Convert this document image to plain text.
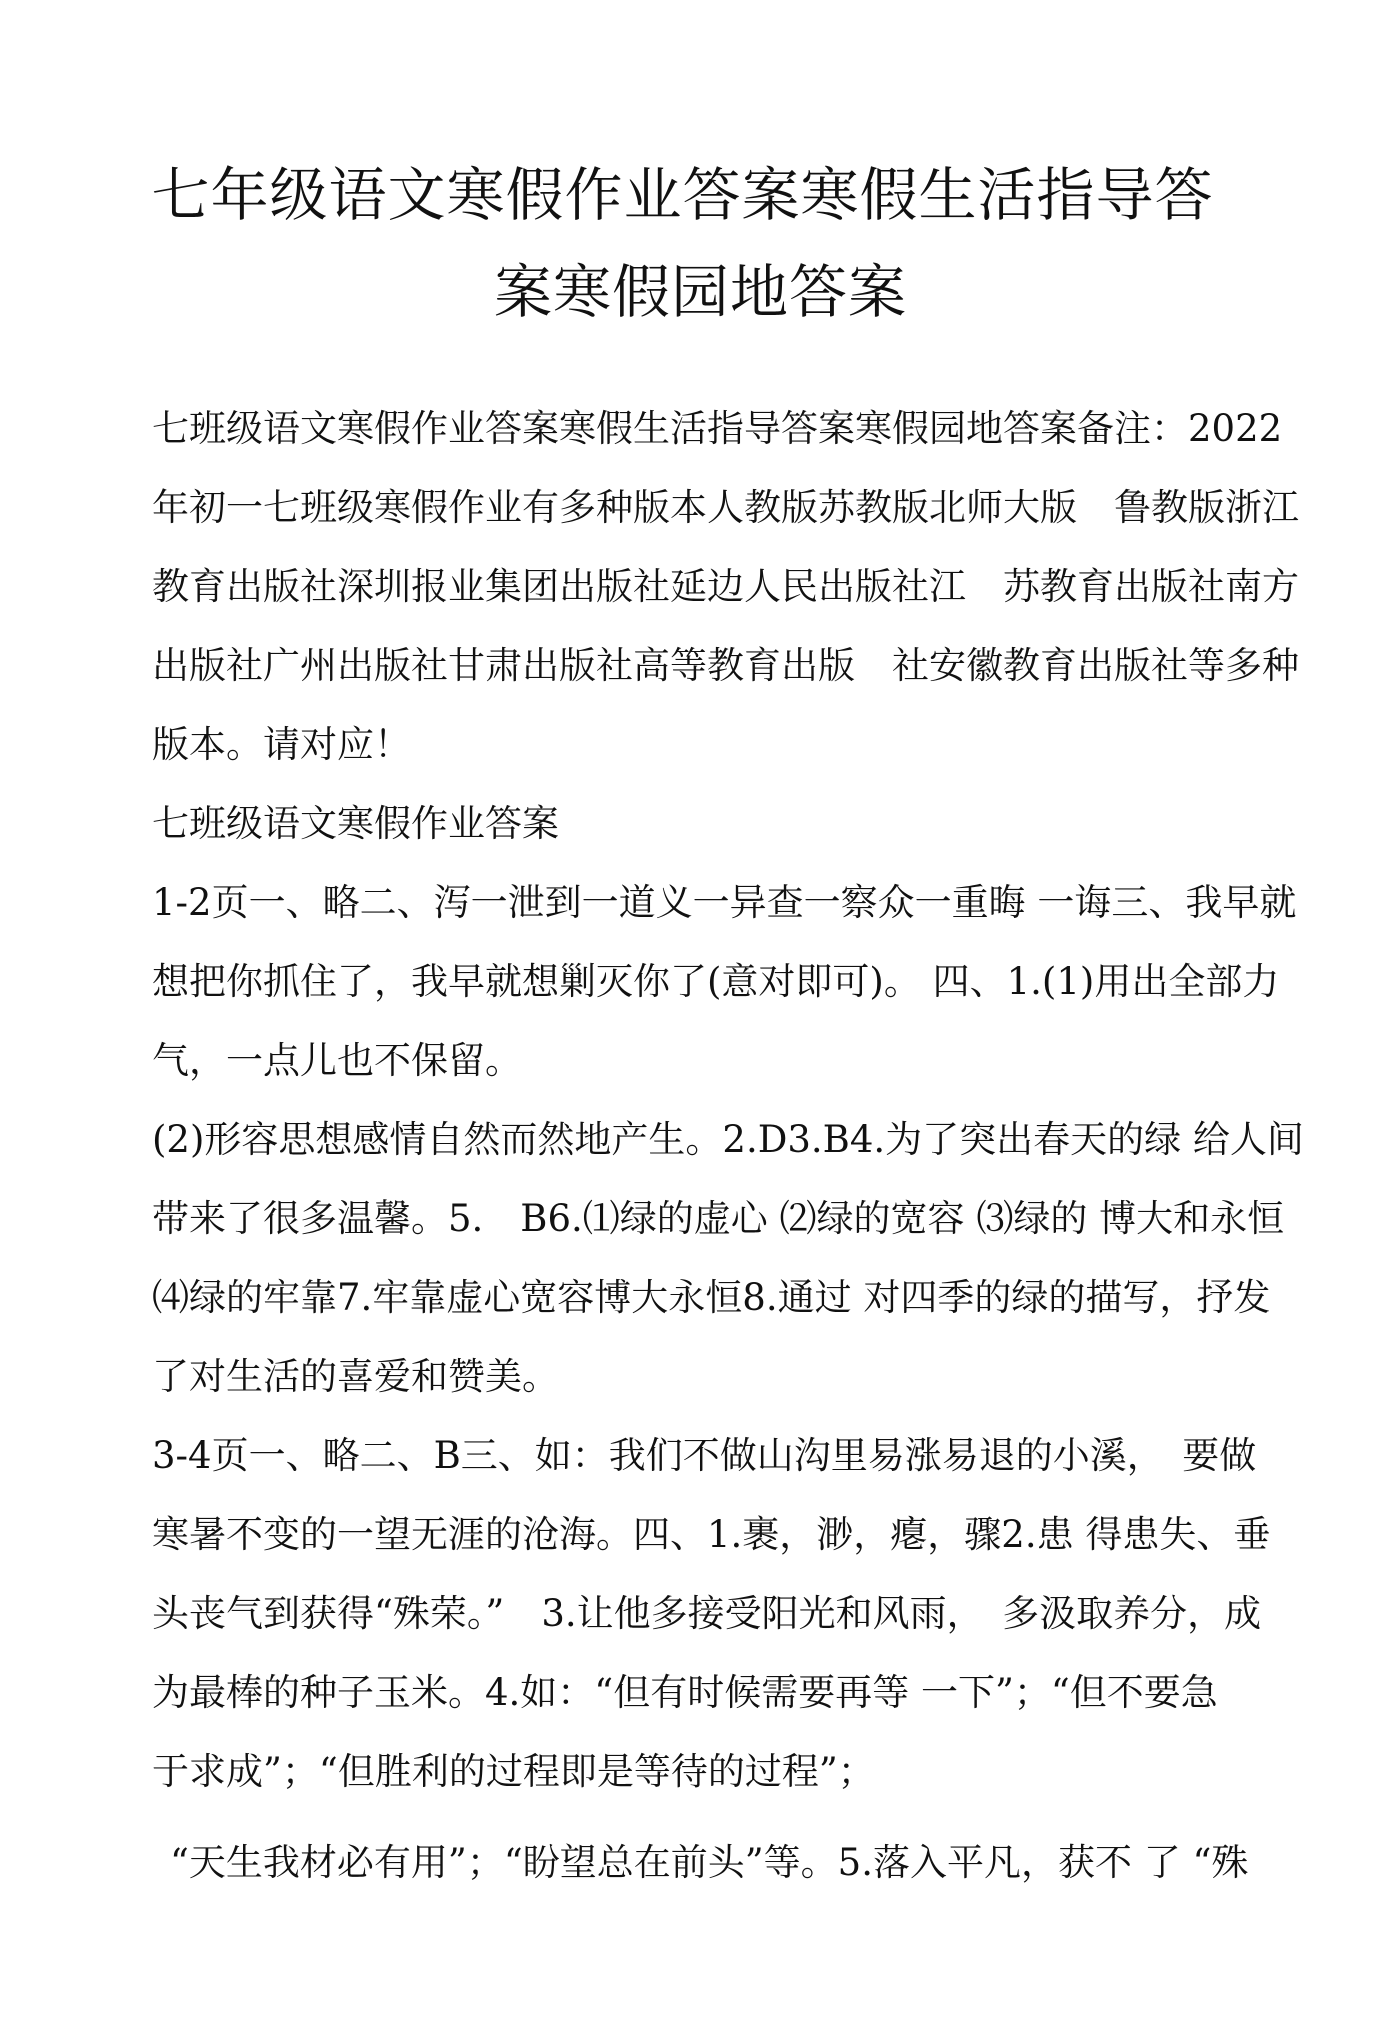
七年级语文寒假作业答案寒假生活指导答
案寒假园地答案
七班级语文寒假作业答案寒假生活指导答案寒假园地答案备注：2022
年初一七班级寒假作业有多种版本人教版苏教版北师大版　鲁教版浙江
教育出版社深圳报业集团出版社延边人民出版社江　苏教育出版社南方
出版社广州出版社甘肃出版社高等教育出版　社安徽教育出版社等多种
版本。请对应！
七班级语文寒假作业答案
1-2页一、略二、泻一泄到一道义一异查一察众一重晦 一诲三、我早就
想把你抓住了，我早就想剿灭你了(意对即可)。 四、1.(1)用出全部力
气，一点儿也不保留。
(2)形容思想感情自然而然地产生。2.D3.B4.为了突出春天的绿 给人间
带来了很多温馨。5.　B6.⑴绿的虚心 ⑵绿的宽容 ⑶绿的 博大和永恒
⑷绿的牢靠7.牢靠虚心宽容博大永恒8.通过 对四季的绿的描写，抒发
了对生活的喜爱和赞美。
3-4页一、略二、B三、如：我们不做山沟里易涨易退的小溪，　要做
寒暑不变的一望无涯的沧海。四、1.裹，渺，瘪，骤2.患 得患失、垂
头丧气到获得“殊荣。”　3.让他多接受阳光和风雨，　多汲取养分，成
为最棒的种子玉米。4.如：“但有时候需要再等 一下”；“但不要急
于求成”；“但胜利的过程即是等待的过程”；
“天生我材必有用”；“盼望总在前头”等。5.落入平凡，获不 了 “殊
